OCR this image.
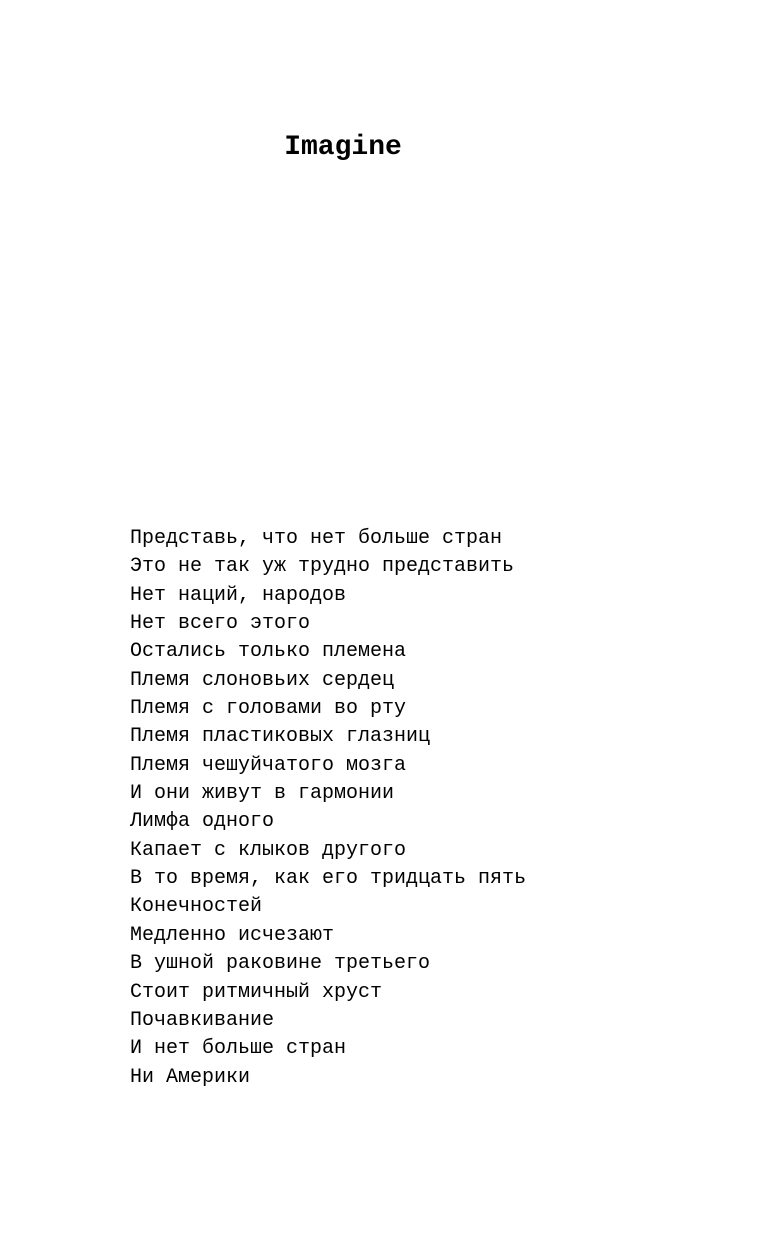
Imagine
Представь, что нет больше стран
Это не так уж трудно представить
Нет наций, народов
Нет всего этого
Остались только племена
Племя слоновьих сердец
Племя с головами во рту
Племя пластиковых глазниц
Племя чешуйчатого мозга
И они живут в гармонии
Лимфа одного
Капает с клыков другого
В то время, как его тридцать пять
Конечностей
Медленно исчезают
В ушной раковине третьего
Стоит ритмичный хруст
Почавкивание
И нет больше стран
Ни Америки
